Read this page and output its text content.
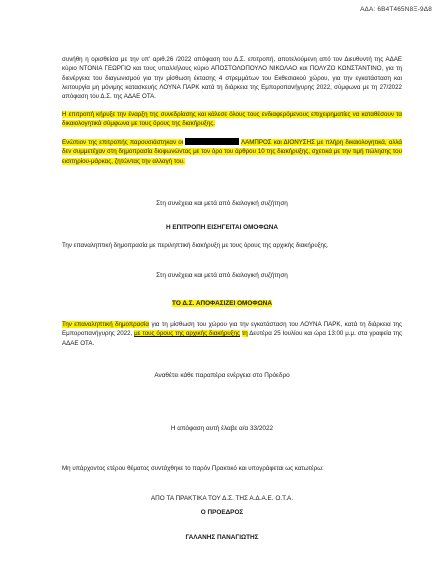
ΑΔΑ: 6Β4Τ465Ν8Ξ-9Δ8
συνήθη η ορισθείσα με την υπ' αριθ.26 /2022 απόφαση του Δ.Σ. επιτροπή, αποτελούμενη από τον Διευθυντή της ΑΔΑΕ κύριο ΝΤΟΝΙΑ ΓΕΩΡΓΙΟ και τους υπαλλήλους κύριο ΑΠΟΣΤΟΛΟΠΟΥΛΟ ΝΙΚΟΛΑΟ και ΠΟΛΥΖΟ ΚΩΝΣΤΑΝΤΙΝΟ, για τη διενέργεια του διαγωνισμού για την μίσθωση έκτασης 4 στρεμμάτων του Εκθεσιακού χώρου, για την εγκατάσταση και λειτουργία μη μόνιμης κατασκευής ΛΟΥΝΑ ΠΑΡΚ κατά τη διάρκεια της Εμποροπανήγυρης 2022, σύμφωνα με τη 27/2022 απόφαση του Δ.Σ. της ΑΔΑΕ ΟΤΑ.
Η επιτροπή κήρυξε την έναρξη της συνεδρίασης και κάλεσε όλους τους ενδιαφερόμενους επιχειρηματίες να καταθέσουν τα δικαιολογητικά σύμφωνα με τους όρους της διακήρυξης.
Ενώπιον της επιτροπής παρουσιάστηκαν οι	ΛΑΜΠΡΟΣ και ΔΙΟΝΥΣΗΣ με πλήρη δικαιολογητικά, αλλά δεν συμμετέχαν στη δημοπρασία διοφωνώντας με τον όρο του άρθρου 10 της διακήρυξης, σχετικά με την τιμή πώλησης του εισιτηρίου-μάρκας, ζητώντας την αλλαγή του.
Στη συνέχεια και μετά από διαλογική συζήτηση
Η ΕΠΙΤΡΟΠΗ ΕΙΣΗΓΕΙΤΑΙ ΟΜΟΦΩΝΑ
Την επαναληπτική δημοπρασία με περιληπτική διακήρυξη με τους όρους της αρχικής διακήρυξης.
Στη συνέχεια και μετά από διαλογική συζήτηση
ΤΟ Δ.Σ. ΑΠΟΦΑΣΙΖΕΙ ΟΜΟΦΩΝΑ
Την επαναληπτική δημοπρασία για τη μίσθωση του χώρου για την εγκατάσταση του ΛΟΥΝΑ ΠΑΡΚ, κατά τη διάρκεια της Εμποροπανήγυρης 2022, με τους όρους της αρχικής διακήρυξης τη Δευτέρα 25 Ιουλίου και ώρα 13:00 μ.μ. στα γραφεία της ΑΔΑΕ ΟΤΑ.
Αναθέτει κάθε παραπέρα ενέργεια στο Πρόεδρο
Η απόφαση αυτή έλαβε α/α 33/2022
Μη υπάρχοντος ετέρου θέματος συντάχθηκε το παρόν Πρακτικό και υπογράφεται ως κατωτέρω:
ΑΠΟ ΤΑ ΠΡΑΚΤΙΚΑ ΤΟΥ Δ.Σ. ΤΗΣ Α.Δ.Α.Ε. Ο.Τ.Α.
Ο ΠΡΟΕΔΡΟΣ
ΓΑΛΑΝΗΣ ΠΑΝΑΓΙΩΤΗΣ
